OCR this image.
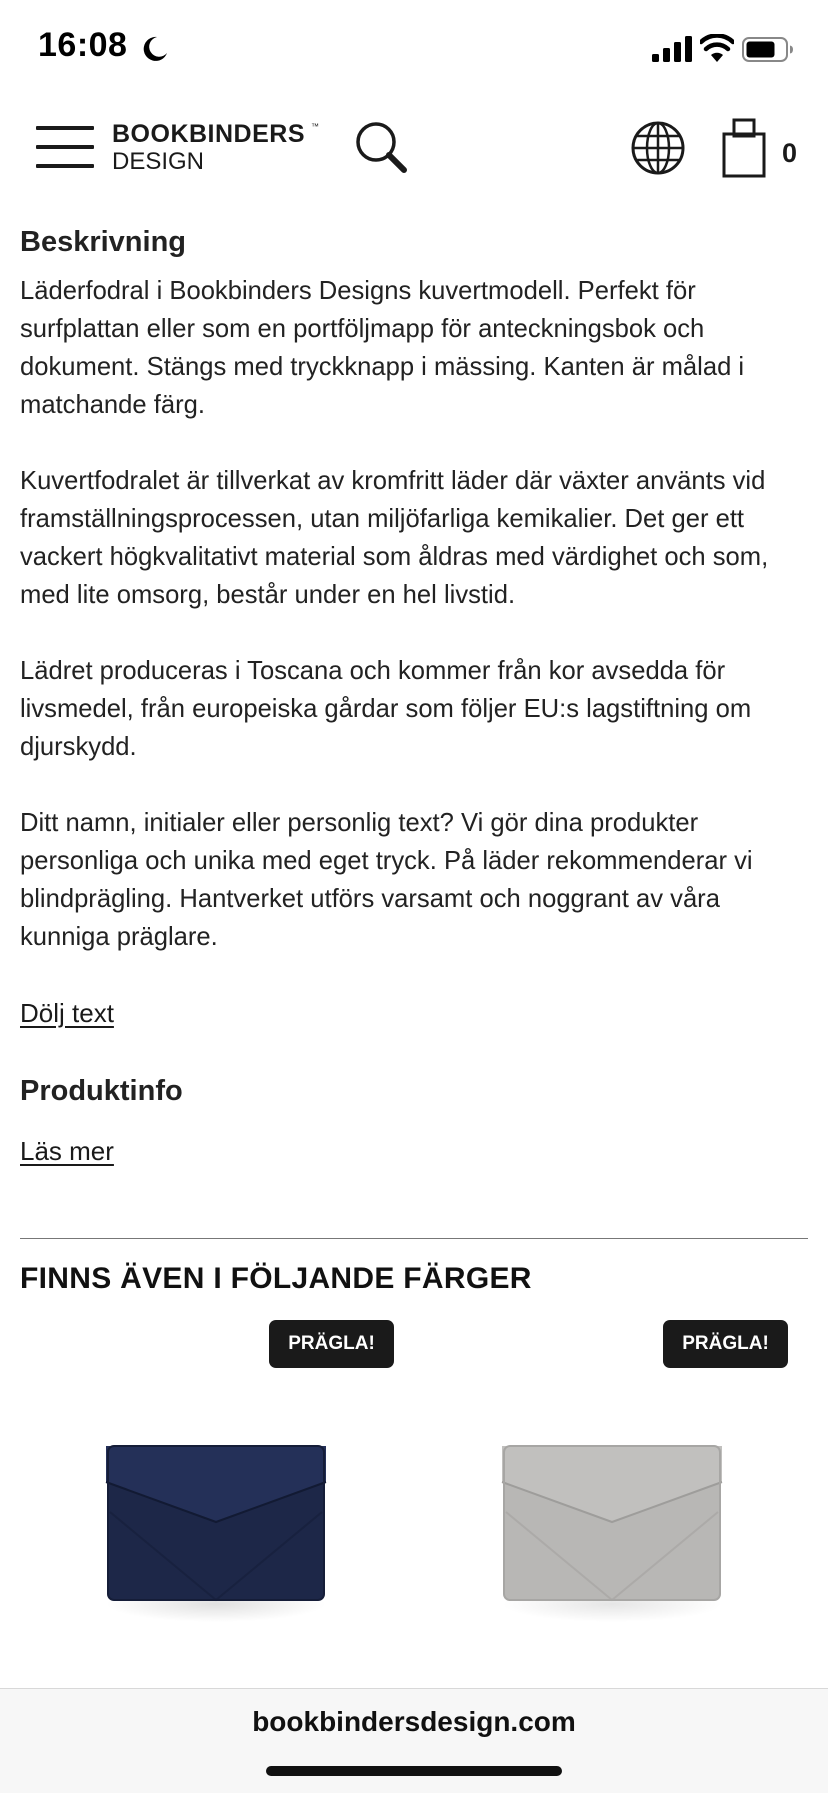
16:08
BOOKBINDERS ™
DESIGN	0
Beskrivning

Läderfodral i Bookbinders Designs kuvertmodell. Perfekt för surfplattan eller som en portföljmapp för anteckningsbok och dokument. Stängs med tryckknapp i mässing. Kanten är målad i matchande färg.

Kuvertfodralet är tillverkat av kromfritt läder där växter använts vid framställningsprocessen, utan miljöfarliga kemikalier. Det ger ett vackert högkvalitativt material som åldras med värdighet och som, med lite omsorg, består under en hel livstid.

Lädret produceras i Toscana och kommer från kor avsedda för livsmedel, från europeiska gårdar som följer EU:s lagstiftning om djurskydd.

Ditt namn, initialer eller personlig text? Vi gör dina produkter personliga och unika med eget tryck. På läder rekommenderar vi blindprägling. Hantverket utförs varsamt och noggrant av våra kunniga präglare.

Dölj text
Produktinfo
Läs mer
FINNS ÄVEN I FÖLJANDE FÄRGER
PRÄGLA!	PRÄGLA!
bookbindersdesign.com
